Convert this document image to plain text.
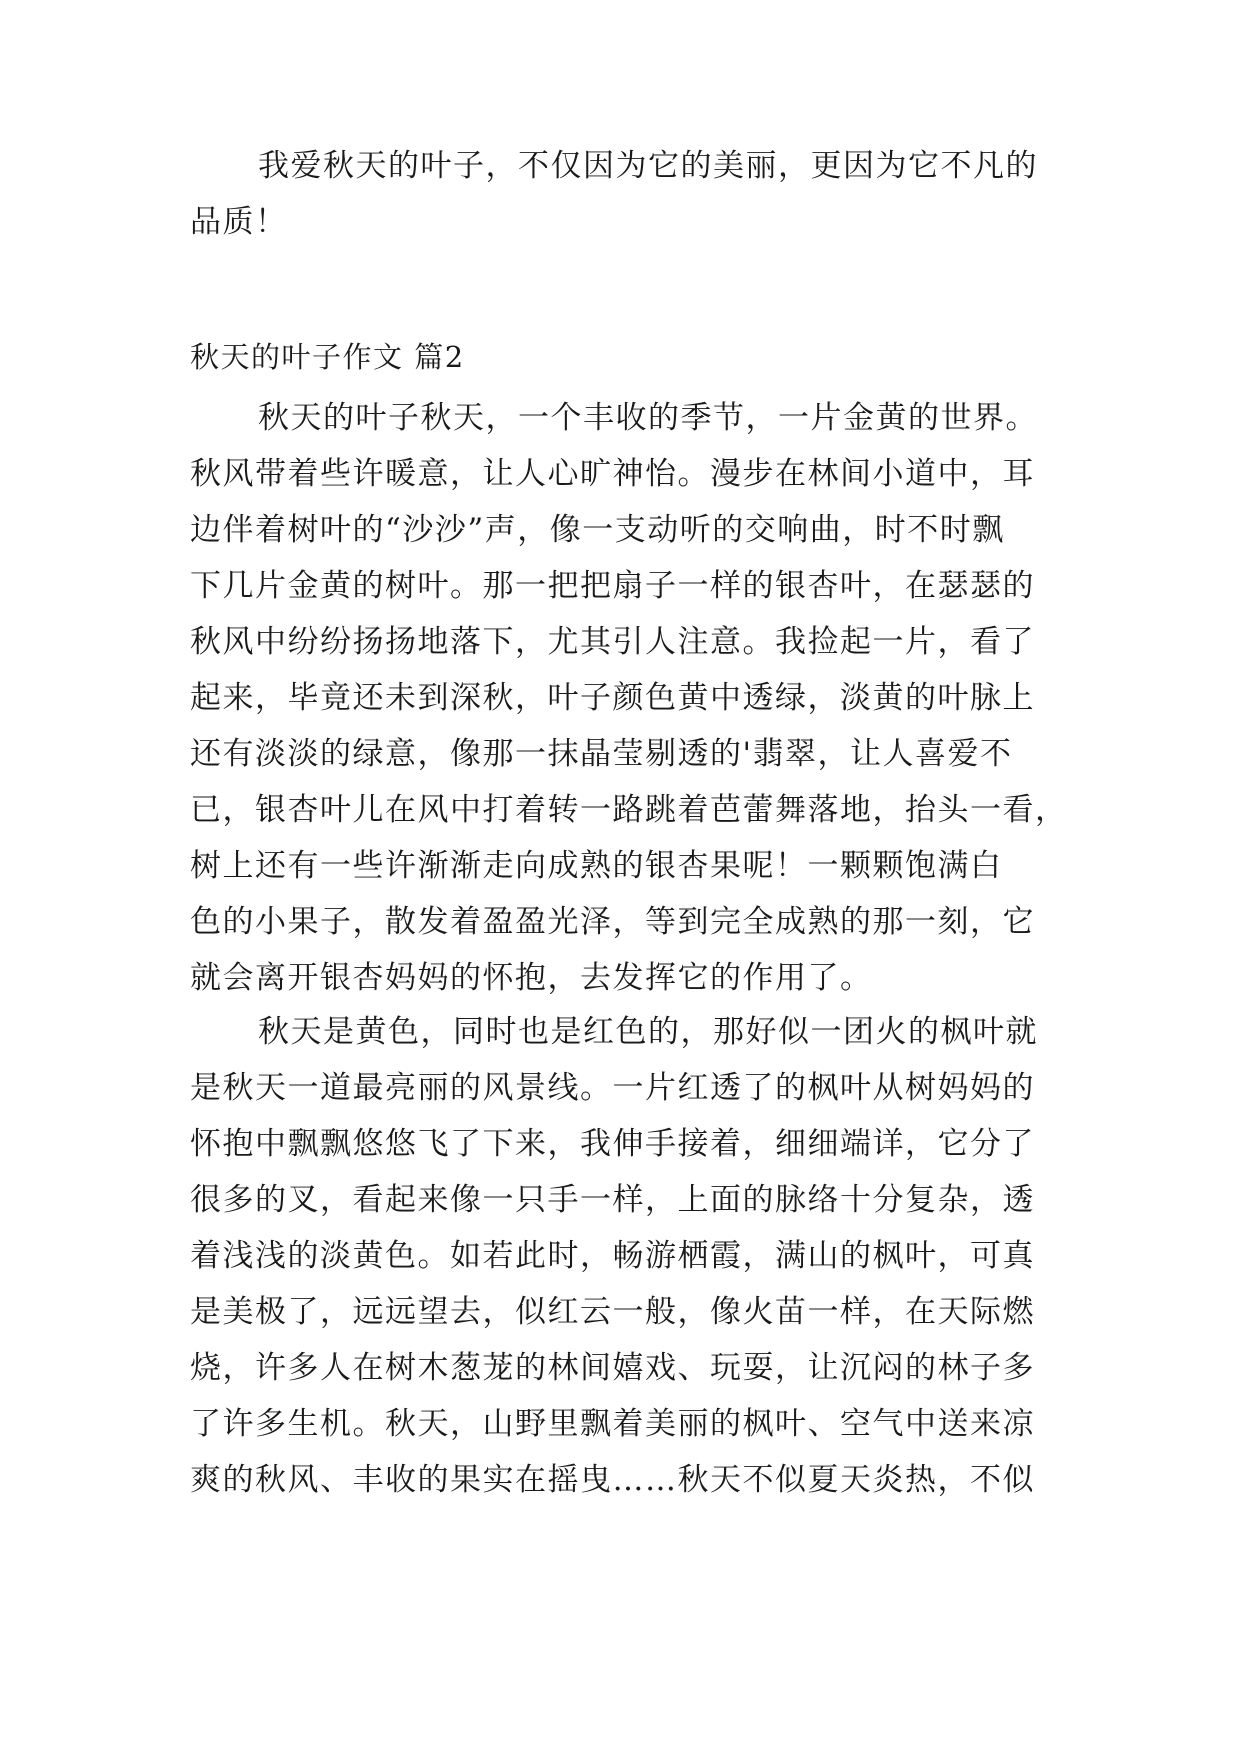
我爱秋天的叶子，不仅因为它的美丽，更因为它不凡的
品质！
秋天的叶子作文 篇2
秋天的叶子秋天，一个丰收的季节，一片金黄的世界。
秋风带着些许暖意，让人心旷神怡。漫步在林间小道中，耳
边伴着树叶的“沙沙”声，像一支动听的交响曲，时不时飘
下几片金黄的树叶。那一把把扇子一样的银杏叶，在瑟瑟的
秋风中纷纷扬扬地落下，尤其引人注意。我捡起一片，看了
起来，毕竟还未到深秋，叶子颜色黄中透绿，淡黄的叶脉上
还有淡淡的绿意，像那一抹晶莹剔透的'翡翠，让人喜爱不
已，银杏叶儿在风中打着转一路跳着芭蕾舞落地，抬头一看，
树上还有一些许渐渐走向成熟的银杏果呢！一颗颗饱满白
色的小果子，散发着盈盈光泽，等到完全成熟的那一刻，它
就会离开银杏妈妈的怀抱，去发挥它的作用了。
秋天是黄色，同时也是红色的，那好似一团火的枫叶就
是秋天一道最亮丽的风景线。一片红透了的枫叶从树妈妈的
怀抱中飘飘悠悠飞了下来，我伸手接着，细细端详，它分了
很多的叉，看起来像一只手一样，上面的脉络十分复杂，透
着浅浅的淡黄色。如若此时，畅游栖霞，满山的枫叶，可真
是美极了，远远望去，似红云一般，像火苗一样，在天际燃
烧，许多人在树木葱茏的林间嬉戏、玩耍，让沉闷的林子多
了许多生机。秋天，山野里飘着美丽的枫叶、空气中送来凉
爽的秋风、丰收的果实在摇曳……秋天不似夏天炎热，不似
